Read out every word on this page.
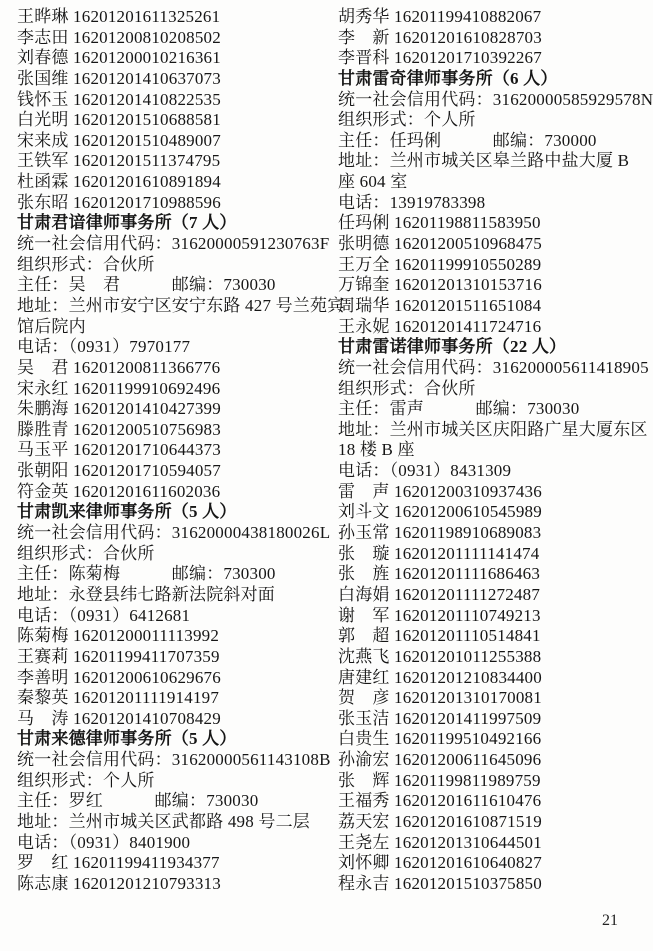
王晔琳 16201201611325261
李志田 16201200810208502
刘春德 16201200010216361
张国维 16201201410637073
钱怀玉 16201201410822535
白光明 16201201510688581
宋来成 16201201510489007
王铁军 16201201511374795
杜函霖 16201201610891894
张东昭 16201201710988596
甘肃君谙律师事务所（7 人）
统一社会信用代码：31620000591230763F
组织形式：合伙所
主任：吴　君　　　邮编：730030
地址：兰州市安宁区安宁东路 427 号兰苑宾
馆后院内
电话：（0931）7970177
吴　君 16201200811366776
宋永红 16201199910692496
朱鹏海 16201201410427399
滕胜青 16201200510756983
马玉平 16201201710644373
张朝阳 16201201710594057
符金英 16201201611602036
甘肃凯来律师事务所（5 人）
统一社会信用代码：31620000438180026L
组织形式：合伙所
主任：陈菊梅　　　邮编：730300
地址：永登县纬七路新法院斜对面
电话：（0931）6412681
陈菊梅 16201200011113992
王赛莉 16201199411707359
李善明 16201200610629676
秦黎英 16201201111914197
马　涛 16201201410708429
甘肃来德律师事务所（5 人）
统一社会信用代码：31620000561143108B
组织形式：个人所
主任：罗红　　　邮编：730030
地址：兰州市城关区武都路 498 号二层
电话：（0931）8401900
罗　红 16201199411934377
陈志康 16201201210793313
胡秀华 16201199410882067
李　新 16201201610828703
李晋科 16201201710392267
甘肃雷奇律师事务所（6 人）
统一社会信用代码：31620000585929578N
组织形式：个人所
主任：任玛俐　　　邮编：730000
地址：兰州市城关区皋兰路中盐大厦 B
座 604 室
电话：13919783398
任玛俐 16201198811583950
张明德 16201200510968475
王万全 16201199910550289
万锦奎 16201201310153716
周瑞华 16201201511651084
王永妮 16201201411724716
甘肃雷诺律师事务所（22 人）
统一社会信用代码：316200005611418905
组织形式：合伙所
主任：雷声　　　邮编：730030
地址：兰州市城关区庆阳路广星大厦东区
18 楼 B 座
电话：（0931）8431309
雷　声 16201200310937436
刘斗文 16201200610545989
孙玉常 16201198910689083
张　璇 16201201111141474
张　旌 16201201111686463
白海娟 16201201111272487
谢　军 16201201110749213
郭　超 16201201110514841
沈燕飞 16201201011255388
唐建红 16201201210834400
贺　彦 16201201310170081
张玉洁 16201201411997509
白贵生 16201199510492166
孙渝宏 16201200611645096
张　辉 16201199811989759
王福秀 16201201611610476
荔天宏 16201201610871519
王尧左 16201201310644501
刘怀卿 16201201610640827
程永吉 16201201510375850
21
